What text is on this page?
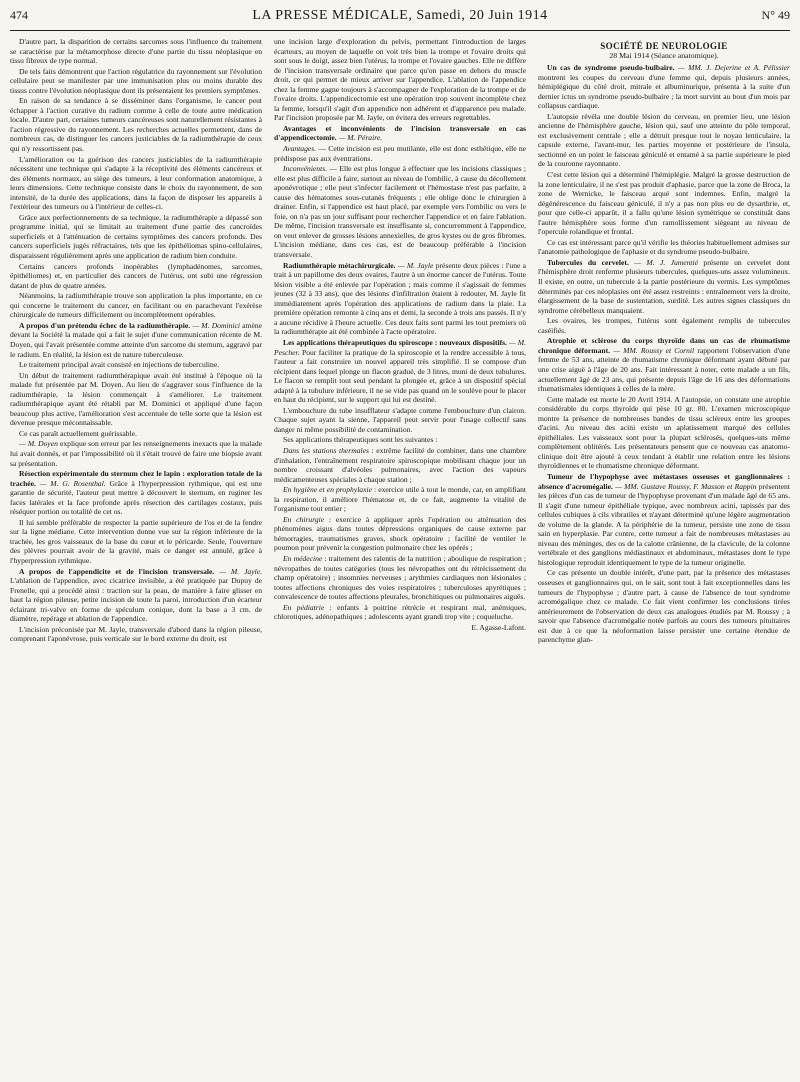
474	LA PRESSE MÉDICALE, Samedi, 20 Juin 1914	N° 49

D'autre part, la disparition de certains sarcomes sous l'influence du traitement se caractérise par la métamorphose directe d'une partie du tissu néoplasique en tissu fibreux de type normal.

De tels faits démontrent que l'action régulatrice du rayonnement sur l'évolution cellulaire peut se manifester par une immunisation plus ou moins durable des tissus contre l'évolution néoplasique dont ils présentaient les premiers symptômes.

En raison de sa tendance à se disséminer dans l'organisme, le cancer peut échapper à l'action curative du radium comme à celle de toute autre médication locale. D'autre part, certaines tumeurs cancéreuses sont naturellement résistantes à l'action régressive du rayonnement. Les recherches actuelles permettent, dans de nombreux cas, de distinguer les cancers justiciables de la radiumthérapie de ceux qui n'y ressortissent pas.

L'amélioration ou la guérison des cancers justiciables de la radiumthérapie nécessitent une technique qui s'adapte à la réceptivité des éléments cancéreux et des éléments normaux, au siège des tumeurs, à leur conformation anatomique, à leurs dimensions. Cette technique consiste dans le choix du rayonnement, de son intensité, de la durée des applications, dans la façon de disposer les appareils à l'extérieur des tumeurs ou à l'intérieur de celles-ci.

Grâce aux perfectionnements de sa technique, la radiumthérapie a dépassé son programme initial, qui se limitait au traitement d'une partie des cancroïdes superficiels et à l'atténuation de certains symptômes des cancers profonds. Des cancers superficiels jugés réfractaires, tels que les épithéliomas spino-cellulaires, disparaissent régulièrement après une application de radium bien conduite.

Certains cancers profonds inopérables (lymphadénomes, sarcomes, épithéliomes) et, en particulier des cancers de l'utérus, ont subi une régression datant de plus de quatre années.

Néanmoins, la radiumthérapie trouve son application la plus importante, en ce qui concerne le traitement du cancer, en facilitant ou en parachevant l'exérèse chirurgicale de tumeurs difficilement ou incomplètement opérables.

A propos d'un prétendu échec de la radiumthérapie. — M. Dominici amène devant la Société la malade qui a fait le sujet d'une communication récente de M. Doyen, qui l'avait présentée comme atteinte d'un sarcome du sternum, aggravé par le radium. En réalité, la lésion est de nature tuberculeuse.

Le traitement principal avait consisté en injections de tuberculine.

Un début de traitement radiumthérapique avait été institué à l'époque où la malade fut présentée par M. Doyen. Au lieu de s'aggraver sous l'influence de la radiumthérapie, la lésion commençait à s'améliorer. Le traitement radiumthérapique ayant été rétabli par M. Dominici et appliqué d'une façon beaucoup plus active, l'amélioration s'est accentuée de telle sorte que la lésion est devenue presque méconnaissable.

Ce cas paraît actuellement guérissable.

— M. Doyen explique son erreur par les renseignements inexacts que la malade lui avait donnés, et par l'impossibilité où il s'était trouvé de faire une biopsie avant sa présentation.

Résection expérimentale du sternum chez le lapin : exploration totale de la trachée. — M. G. Rosenthal. Grâce à l'hyperpression rythmique, qui est une garantie de sécurité, l'auteur peut mettre à découvert le sternum, en ruginer les faces latérales et la face profonde après résection des cartilages costaux, puis réséquer portion ou totalité de cet os.

Il lui semble préférable de respecter la partie supérieure de l'os et de la fendre sur la ligne médiane. Cette intervention donne vue sur la région inférieure de la trachée, les gros vaisseaux de la base du cœur et le péricarde. Seule, l'ouverture des plèvres pourrait avoir de la gravité, mais ce danger est annulé, grâce à l'hyperpression rythmique.

A propos de l'appendicite et de l'incision transversale. — M. Jayle. L'ablation de l'appendice, avec cicatrice invisible, a été pratiquée par Dupuy de Frenelle, qui a procédé ainsi : traction sur la peau, de manière à faire glisser en haut la région pileuse, petite incision de toute la paroi, introduction d'un écarteur éclairant tri-valve en forme de spéculum conique, dont la base a 3 cm. de diamètre, repérage et ablation de l'appendice.

L'incision préconisée par M. Jayle, transversale d'abord dans la région pileuse, comprenant l'aponévrose, puis verticale sur le bord externe du droit, est

une incision large d'exploration du pelvis, permettant l'introduction de larges écarteurs, au moyen de laquelle on voit très bien la trompe et l'ovaire droits qui sont sous le doigt, assez bien l'utérus, la trompe et l'ovaire gauches. Elle ne diffère de l'incision transversale ordinaire que parce qu'on passe en dehors du muscle droit, ce qui permet de mieux arriver sur l'appendice. L'ablation de l'appendice chez la femme gagne toujours à s'accompagner de l'exploration de la trompe et de l'ovaire droits. L'appendicectomie est une opération trop souvent incomplète chez la femme, lorsqu'il s'agit d'un appendice non adhérent et d'apparence peu malade. Par l'incision proposée par M. Jayle, on évitera des erreurs regrettables.

Avantages et inconvénients de l'incision transversale en cas d'appendicectomie. — M. Péraire.

Avantages. — Cette incision est peu mutilante, elle est donc esthétique, elle ne prédispose pas aux éventrations.

Inconvénients. — Elle est plus longue à effectuer que les incisions classiques ; elle est plus difficile à faire, surtout au niveau de l'ombilic, à cause du décollement aponévrotique ; elle peut s'infecter facilement et l'hémostase n'est pas parfaite, à cause des hématomes sous-cutanés fréquents ; elle oblige donc le chirurgien à drainer. Enfin, si l'appendice est haut placé, par exemple vers l'ombilic ou vers le foie, on n'a pas un jour suffisant pour rechercher l'appendice et en faire l'ablation. De même, l'incision transversale est insuffisante si, concurremment à l'appendice, on veut enlever de grosses lésions annexielles, de gros kystes ou de gros fibromes. L'incision médiane, dans ces cas, est de beaucoup préférable à l'incision transversale.

Radiumthérapie métachirurgicale. — M. Jayle présente deux pièces : l'une a trait à un papillome des deux ovaires, l'autre à un énorme cancer de l'utérus. Toute lésion visible a été enlevée par l'opération ; mais comme il s'agissait de femmes jeunes (32 à 33 ans), que des lésions d'infiltration étaient à redouter, M. Jayle fit immédiatement après l'opération des applications de radium dans la plaie. La première opération remonte à cinq ans et demi, la seconde à trois ans passés. Il n'y a aucune récidive à l'heure actuelle. Ces deux faits sont parmi les tout premiers où la radiumthérapie ait été combinée à l'acte opératoire.

Les applications thérapeutiques du spiroscope : nouveaux dispositifs. — M. Pescher. Pour faciliter la pratique de la spiroscopie et la rendre accessible à tous, l'auteur a fait construire un nouvel appareil très simplifié. Il se compose d'un récipient dans lequel plonge un flacon gradué, de 3 litres, muni de deux tubulures. Le flacon se remplit tout seul pendant la plongée et, grâce à un dispositif spécial adapté à la tubulure inférieure, il ne se vide pas quand on le soulève pour le placer en haut du récipient, sur le support qui lui est destiné.

L'embouchure du tube insufflateur s'adapte comme l'embouchure d'un clairon. Chaque sujet ayant la sienne, l'appareil peut servir pour l'usage collectif sans danger ni même possibilité de contamination.

Ses applications thérapeutiques sont les suivantes :

Dans les stations thermales : extrême facilité de combiner, dans une chambre d'inhalation, l'entraînement respiratoire spiroscopique mobilisant chaque jour un nombre croissant d'alvéoles pulmonaires, avec l'action des vapeurs médicamenteuses spéciales à chaque station ;

En hygiène et en prophylaxie : exercice utile à tout le monde, car, en amplifiant la respiration, il améliore l'hématose et, de ce fait, augmente la vitalité de l'organisme tout entier ;

En chirurgie : exercice à appliquer après l'opération ou atténuation des phénomènes aigus dans toutes dépressions organiques de cause externe par hémorragies, traumatismes graves, shock opératoire ; facilité de ventiler le poumon pour prévenir la congestion pulmonaire chez les opérés ;

En médecine : traitement des ralentis de la nutrition ; aboulique de respiration ; névropathes de toutes catégories (tous les névropathes ont du rétrécissement du champ opératoire) ; insomnies nerveuses ; arythmies cardiaques non lésionales ; toutes affections chroniques des voies respiratoires ; tuberculoses apyrétiques ; convalescence de toutes affections pleurales, bronchitiques ou pulmonaires aiguës.

En pédiatrie : enfants à poitrine rétrécie et respirant mal, anémiques, chlorotiques, adénopathiques ; adolescents ayant grandi trop vite ; coqueluche.

E. Agasse-Lafont.
SOCIÉTÉ DE NEUROLOGIE
28 Mai 1914 (Séance anatomique).

Un cas de syndrome pseudo-bulbaire. — MM. J. Dejerine et A. Pélissier montrent les coupes du cerveau d'une femme qui, depuis plusieurs années, hémiplégique du côté droit, mitrale et albuminurique, présenta à la suite d'un dernier ictus un syndrome pseudo-bulbaire ; la mort survint au bout d'un mois par collapsus cardiaque.

L'autopsie révéla une double lésion du cerveau, en premier lieu, une lésion ancienne de l'hémisphère gauche, lésion qui, sauf une atteinte du pôle temporal, est exclusivement centrale ; elle a détruit presque tout le noyau lenticulaire, la capsule externe, l'avant-mur, les parties moyenne et postérieure de l'insula, sectionné en un point le faisceau géniculé et entamé à sa partie supérieure le pied de la couronne rayonnante.

C'est cette lésion qui a déterminé l'hémiplégie. Malgré la grosse destruction de la zone lenticulaire, il ne s'est pas produit d'aphasie, parce que la zone de Broca, la zone de Wernicke, le faisceau arqué sont indemnes. Enfin, malgré la dégénérescence du faisceau géniculé, il n'y a pas non plus eu de dysarthrie, et, pour que celle-ci apparût, il a fallu qu'une lésion symétrique se constituât dans l'autre hémisphère sous forme d'un ramollissement siégeant au niveau de l'opercule rolandique et frontal.

Ce cas est intéressant parce qu'il vérifie les théories habituellement admises sur l'anatomie pathologique de l'aphasie et du syndrome pseudo-bulbaire.

Tubercules du cervelet. — M. J. Jumentié présente un cervelet dont l'hémisphère droit renferme plusieurs tubercules, quelques-uns assez volumineux. Il existe, en outre, un tubercule à la partie postérieure du vermis. Les symptômes déterminés par ces néoplasies ont été assez restreints : entraînement vers la droite, élargissement de la base de sustentation, surdité. Les autres signes classiques du syndrome cérébelleux manquaient.

Les ovaires, les trompes, l'utérus sont également remplis de tubercules caséifiés.

Atrophie et sclérose du corps thyroïde dans un cas de rhumatisme chronique déformant. — MM. Roussy et Cornil rapportent l'observation d'une femme de 53 ans, atteinte de rhumatisme chronique déformant ayant débuté par une crise aiguë à l'âge de 20 ans. Fait intéressant à noter, cette malade a un fils, actuellement âgé de 23 ans, qui présente depuis l'âge de 16 ans des déformations rhumatismales identiques à celles de la mère.

Cette malade est morte le 20 Avril 1914. A l'autopsie, on constate une atrophie considérable du corps thyroïde qui pèse 10 gr. 80. L'examen microscopique montre la présence de nombreuses bandes de tissu scléreux entre les groupes d'acini. Au niveau des acini existe un aplatissement marqué des cellules épithéliales. Les vaisseaux sont pour la plupart sclérosés, quelques-uns même complètement oblitérés. Les présentateurs pensent que ce nouveau cas anatomo-clinique doit être ajouté à ceux tendant à établir une relation entre les lésions thyroïdiennes et le rhumatisme chronique déformant.

Tumeur de l'hypophyse avec métastases osseuses et ganglionnaires : absence d'acromégalie. — MM. Gustave Roussy, F. Masson et Rappin présentent les pièces d'un cas de tumeur de l'hypophyse provenant d'un malade âgé de 65 ans. Il s'agit d'une tumeur épithéliale typique, avec nombreux acini, tapissés par des cellules cubiques à cils vibratiles et n'ayant déterminé qu'une légère augmentation de volume de la glande. A la périphérie de la tumeur, persiste une zone de tissu sain en hyperplasie. Par contre, cette tumeur a fait de nombreuses métastases au niveau des méninges, des os de la calotte crânienne, de la clavicule, de la colonne vertébrale et des ganglions médiastinaux et abdominaux, métastases dont le type histologique reproduit identiquement le type de la tumeur originelle.

Ce cas présente un double intérêt, d'une part, par la présence des métastases osseuses et ganglionnaires qui, on le sait, sont tout à fait exceptionnelles dans les tumeurs de l'hypophyse ; d'autre part, à cause de l'absence de tout syndrome acromégalique chez ce malade. Ce fait vient confirmer les conclusions tirées antérieurement de l'observation de deux cas analogues étudiés par M. Roussy ; à savoir que l'absence d'acromégalie notée parfois au cours des tumeurs pituitaires est due à ce que la néoformation laisse persister une certaine étendue de parenchyme glan-
